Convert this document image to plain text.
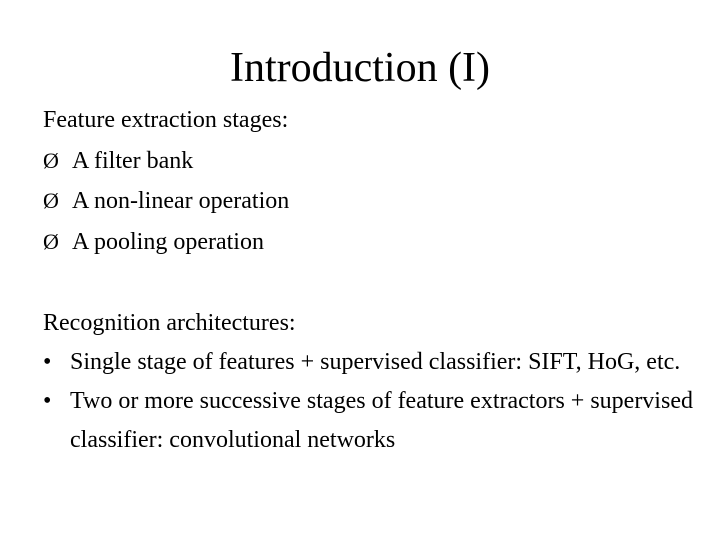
Introduction (I)
Feature extraction stages:
Ø A filter bank
Ø A non-linear operation
Ø A pooling operation
Recognition architectures:
• Single stage of features + supervised classifier: SIFT, HoG, etc.
• Two or more successive stages of feature extractors + supervised classifier: convolutional networks
